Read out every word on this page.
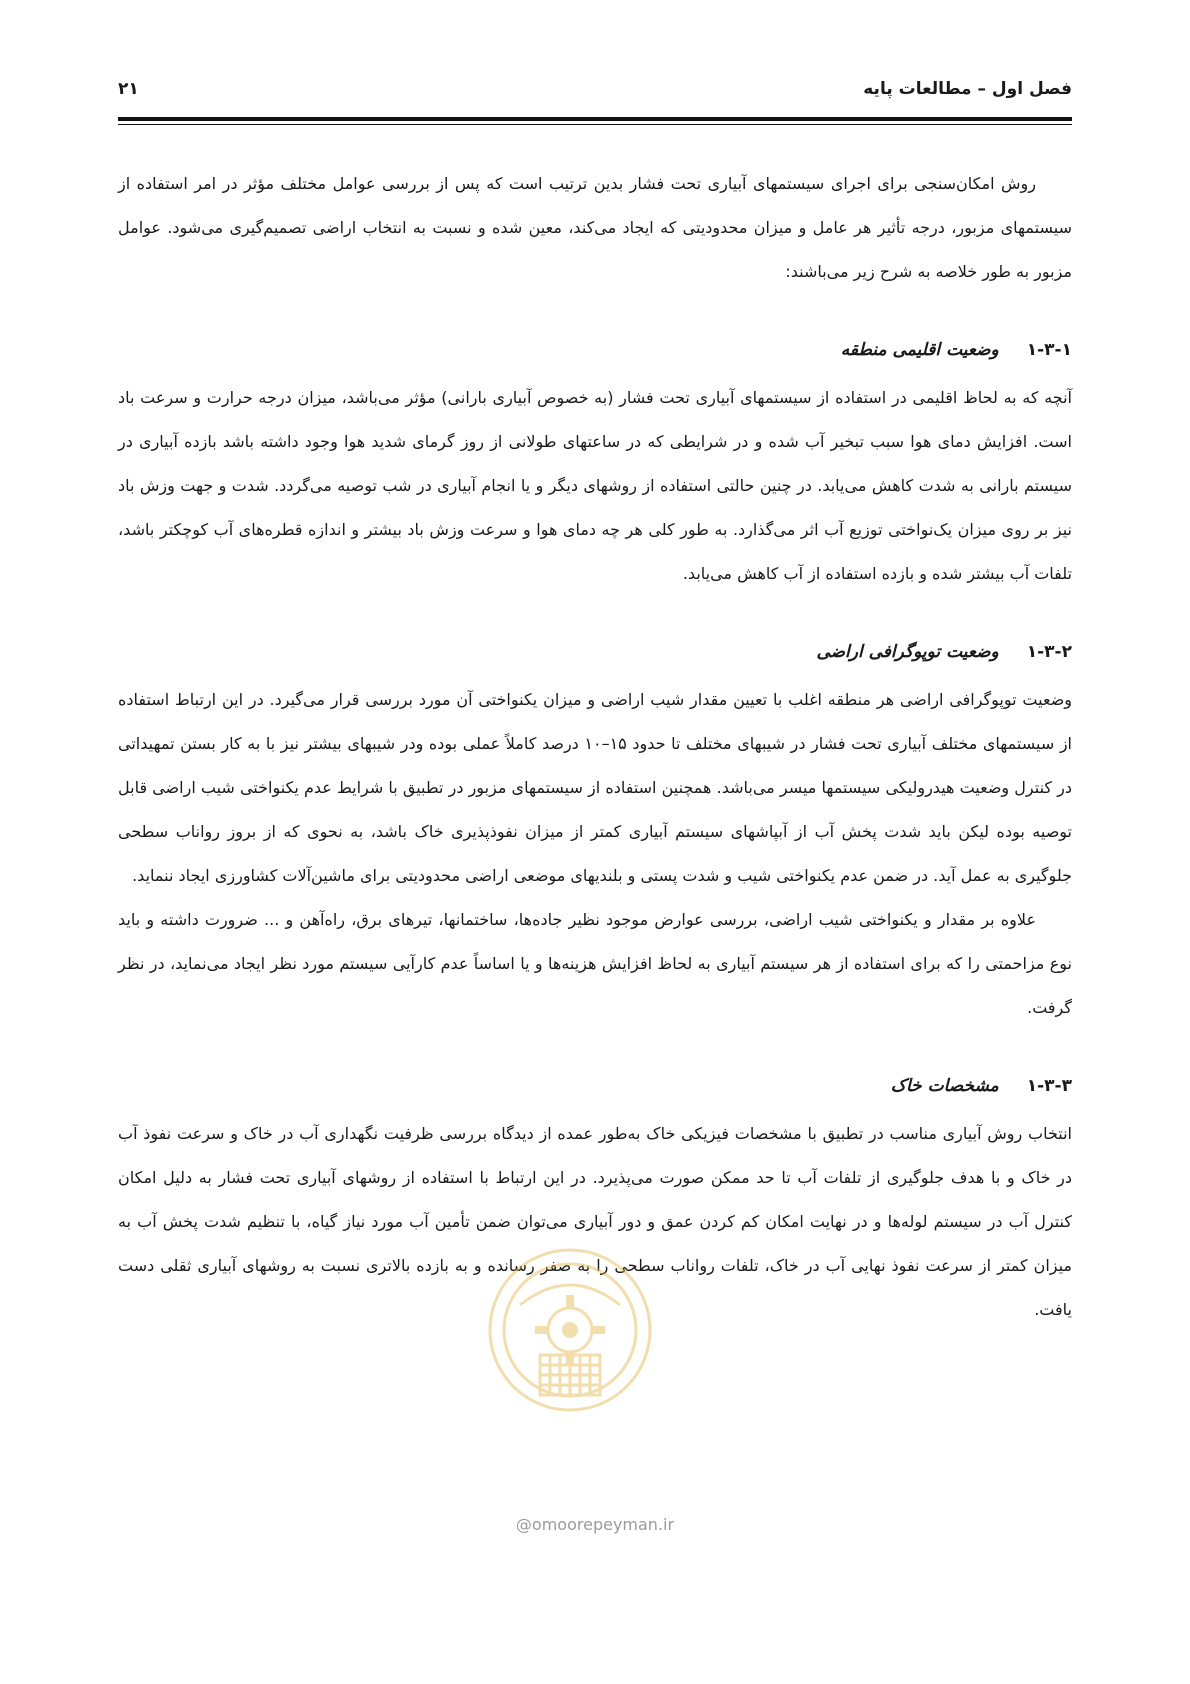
فصل اول – مطالعات پایه
۲۱

روش امکان‌سنجی برای اجرای سیستمهای آبیاری تحت فشار بدین ترتیب است که پس از بررسی عوامل مختلف مؤثر در امر استفاده از سیستمهای مزبور، درجه تأثیر هر عامل و میزان محدودیتی که ایجاد می‌کند، معین شده و نسبت به انتخاب اراضی تصمیم‌گیری می‌شود. عوامل مزبور به طور خلاصه به شرح زیر می‌باشند:

۱-۳-۱
وضعیت اقلیمی منطقه

آنچه که به لحاظ اقلیمی در استفاده از سیستمهای آبیاری تحت فشار (به خصوص آبیاری بارانی) مؤثر می‌باشد، میزان درجه حرارت و سرعت باد است. افزایش دمای هوا سبب تبخیر آب شده و در شرایطی که در ساعتهای طولانی از روز گرمای شدید هوا وجود داشته باشد بازده آبیاری در سیستم بارانی به شدت کاهش می‌یابد. در چنین حالتی استفاده از روشهای دیگر و یا انجام آبیاری در شب توصیه می‌گردد. شدت و جهت وزش باد نیز بر روی میزان یک‌نواختی توزیع آب اثر می‌گذارد. به طور کلی هر چه دمای هوا و سرعت وزش باد بیشتر و اندازه قطره‌های آب کوچکتر باشد، تلفات آب بیشتر شده و بازده استفاده از آب کاهش می‌یابد.

۱-۳-۲
وضعیت توپوگرافی اراضی

وضعیت توپوگرافی اراضی هر منطقه اغلب با تعیین مقدار شیب اراضی و میزان یکنواختی آن مورد بررسی قرار می‌گیرد. در این ارتباط استفاده از سیستمهای مختلف آبیاری تحت فشار در شیبهای مختلف تا حدود ۱۵–۱۰ درصد کاملاً عملی بوده ودر شیبهای بیشتر نیز با به کار بستن تمهیداتی در کنترل وضعیت هیدرولیکی سیستمها میسر می‌باشد. همچنین استفاده از سیستمهای مزبور در تطبیق با شرایط عدم یکنواختی شیب اراضی قابل توصیه بوده لیکن باید شدت پخش آب از آبپاشهای سیستم آبیاری کمتر از میزان نفوذپذیری خاک باشد، به نحوی که از بروز رواناب سطحی جلوگیری به عمل آید. در ضمن عدم یکنواختی شیب و شدت پستی و بلندیهای موضعی اراضی محدودیتی برای ماشین‌آلات کشاورزی ایجاد ننماید.

علاوه بر مقدار و یکنواختی شیب اراضی، بررسی عوارض موجود نظیر جاده‌ها، ساختمانها، تیرهای برق، راه‌آهن و ... ضرورت داشته و باید نوع مزاحمتی را که برای استفاده از هر سیستم آبیاری به لحاظ افزایش هزینه‌ها و یا اساساً عدم کارآیی سیستم مورد نظر ایجاد می‌نماید، در نظر گرفت.

۱-۳-۳
مشخصات خاک

انتخاب روش آبیاری مناسب در تطبیق با مشخصات فیزیکی خاک به‌طور عمده از دیدگاه بررسی ظرفیت نگهداری آب در خاک و سرعت نفوذ آب در خاک و با هدف جلوگیری از تلفات آب تا حد ممکن صورت می‌پذیرد. در این ارتباط با استفاده از روشهای آبیاری تحت فشار به دلیل امکان کنترل آب در سیستم لوله‌ها و در نهایت امکان کم کردن عمق و دور آبیاری می‌توان ضمن تأمین آب مورد نیاز گیاه، با تنظیم شدت پخش آب به میزان کمتر از سرعت نفوذ نهایی آب در خاک، تلفات رواناب سطحی را به صفر رسانده و به بازده بالاتری نسبت به روشهای آبیاری ثقلی دست یافت.

@omoorepeyman.ir
